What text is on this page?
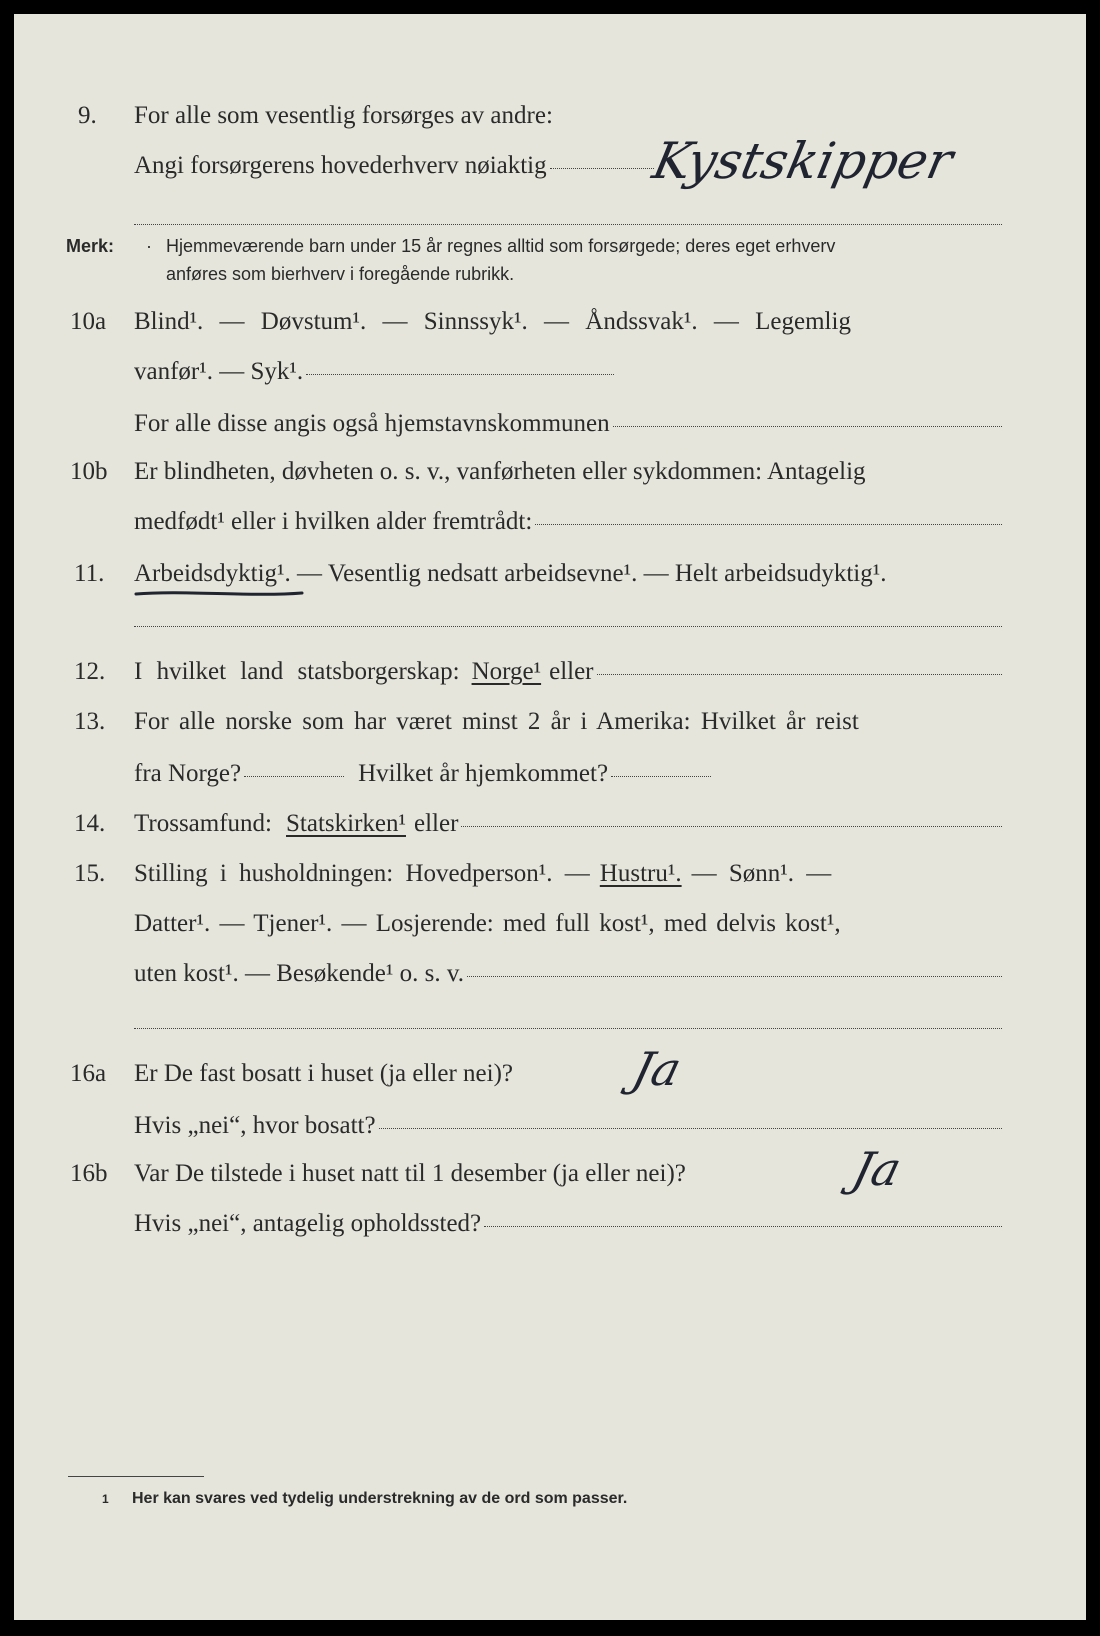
9. For alle som vesentlig forsørges av andre:
Angi forsørgerens hovederhverv nøiaktig Kystskipper
Merk: · Hjemmeværende barn under 15 år regnes alltid som forsørgede; deres eget erhverv
anføres som bierhverv i foregående rubrikk.
10a Blind¹. — Døvstum¹. — Sinnssyk¹. — Åndssvak¹. — Legemlig
vanfør¹. — Syk¹.
For alle disse angis også hjemstavnskommunen
10b Er blindheten, døvheten o. s. v., vanførheten eller sykdommen: Antagelig
medfødt¹ eller i hvilken alder fremtrådt:
11. Arbeidsdyktig¹. — Vesentlig nedsatt arbeidsevne¹. — Helt arbeidsudyktig¹.
12. I hvilket land statsborgerskap: Norge¹ eller
13. For alle norske som har været minst 2 år i Amerika: Hvilket år reist
fra Norge?	Hvilket år hjemkommet?
14. Trossamfund: Statskirken¹ eller
15. Stilling i husholdningen: Hovedperson¹. — Hustru¹. — Sønn¹. —
Datter¹. — Tjener¹. — Losjerende: med full kost¹, med delvis kost¹,
uten kost¹. — Besøkende¹ o. s. v.
16a Er De fast bosatt i huset (ja eller nei)? Ja
Hvis „nei“, hvor bosatt?
16b Var De tilstede i huset natt til 1 desember (ja eller nei)?	Ja
Hvis „nei“, antagelig opholdssted?
1 Her kan svares ved tydelig understrekning av de ord som passer.
